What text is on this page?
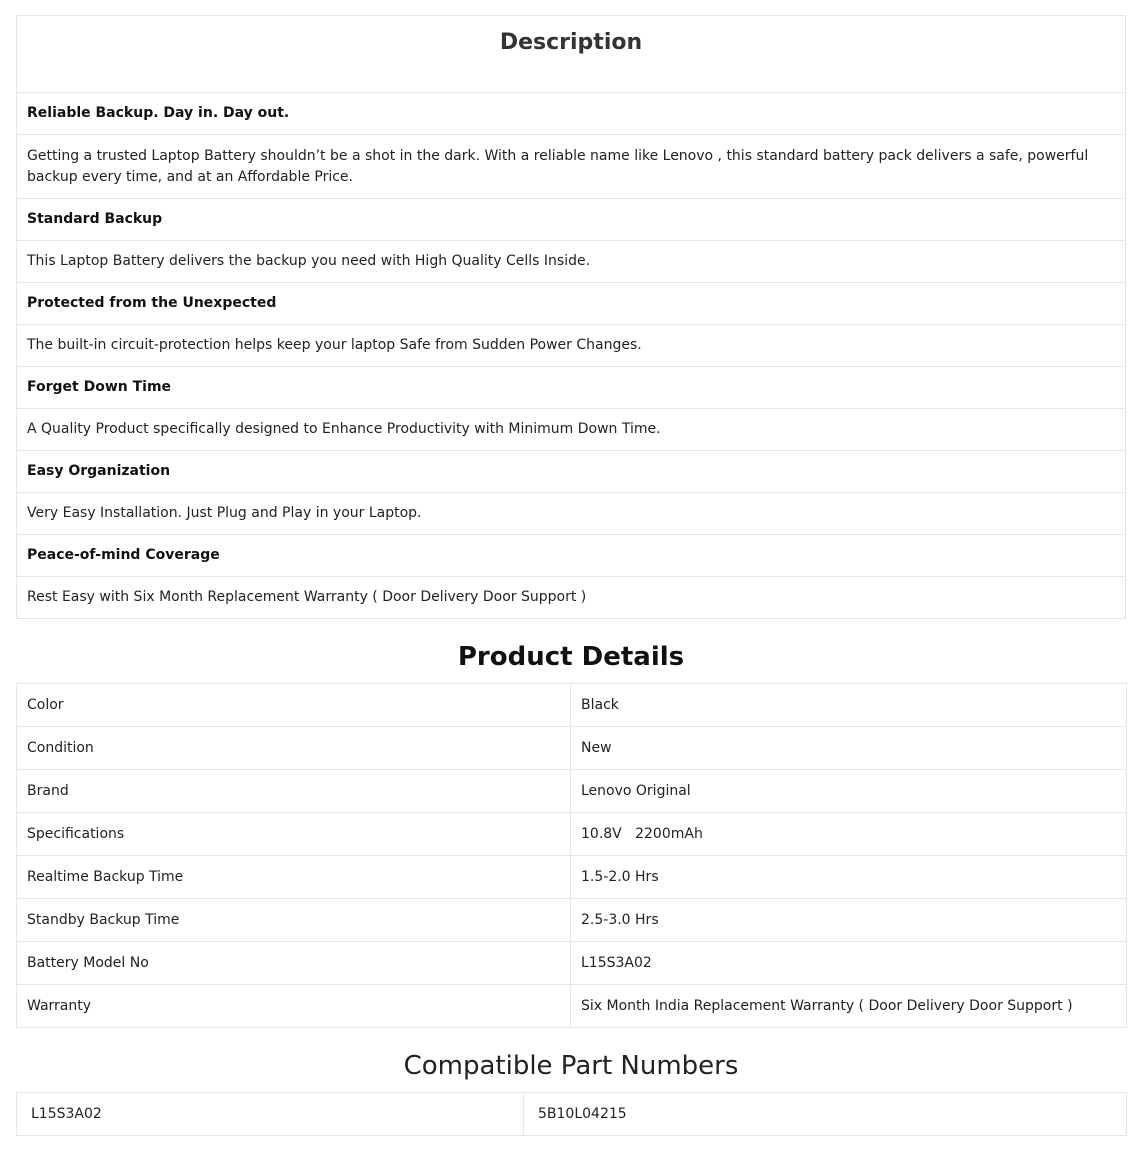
Description
Reliable Backup. Day in. Day out.
Getting a trusted Laptop Battery shouldn’t be a shot in the dark. With a reliable name like Lenovo , this standard battery pack delivers a safe, powerful backup every time, and at an Affordable Price.
Standard Backup
This Laptop Battery delivers the backup you need with High Quality Cells Inside.
Protected from the Unexpected
The built-in circuit-protection helps keep your laptop Safe from Sudden Power Changes.
Forget Down Time
A Quality Product specifically designed to Enhance Productivity with Minimum Down Time.
Easy Organization
Very Easy Installation. Just Plug and Play in your Laptop.
Peace-of-mind Coverage
Rest Easy with Six Month Replacement Warranty ( Door Delivery Door Support )
Product Details
Color	Black
Condition	New
Brand	Lenovo Original
Specifications	10.8V   2200mAh
Realtime Backup Time	1.5-2.0 Hrs
Standby Backup Time	2.5-3.0 Hrs
Battery Model No	L15S3A02
Warranty	Six Month India Replacement Warranty ( Door Delivery Door Support )
Compatible Part Numbers
L15S3A02	5B10L04215
